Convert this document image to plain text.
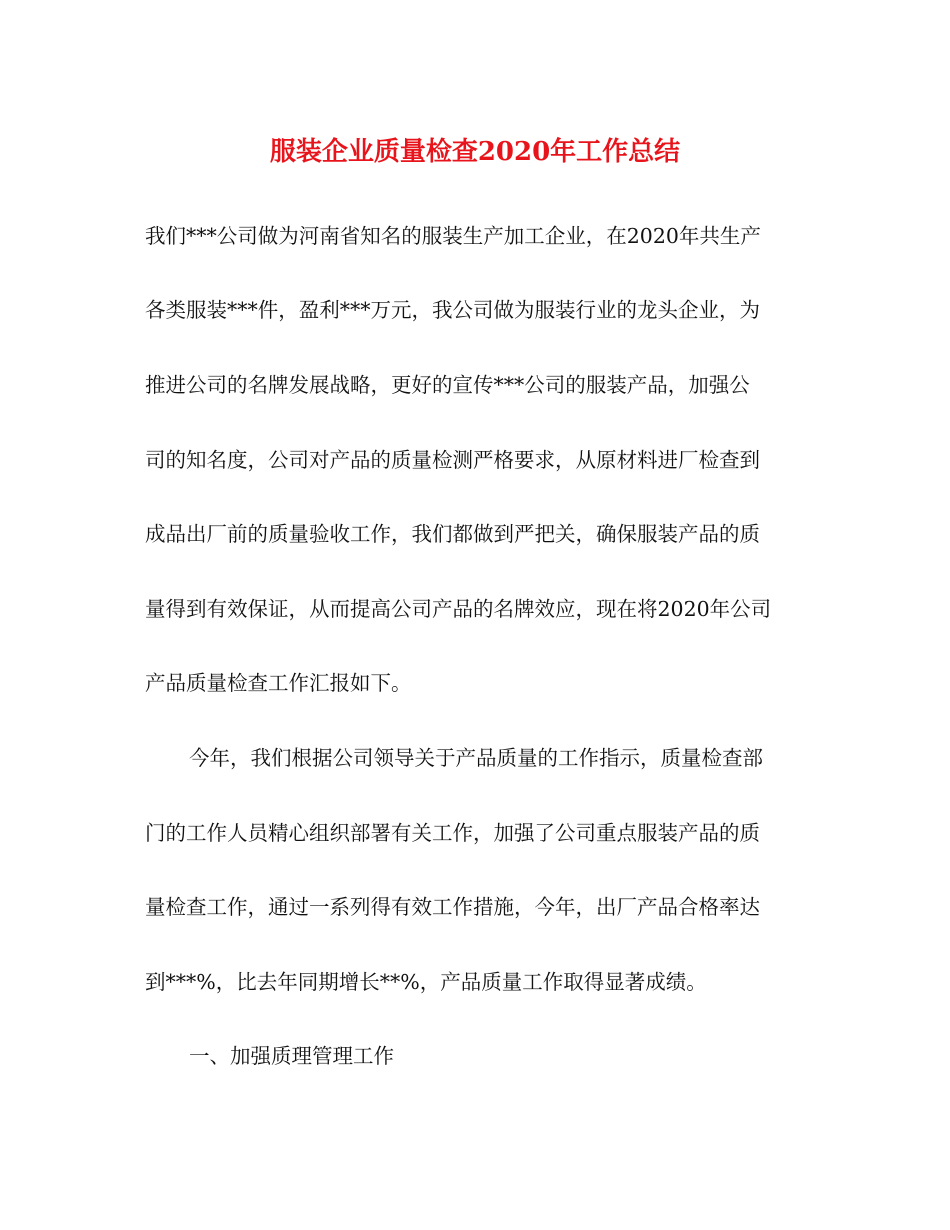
服装企业质量检查2020年工作总结
我们***公司做为河南省知名的服装生产加工企业，在2020年共生产
各类服装***件，盈利***万元，我公司做为服装行业的龙头企业，为
推进公司的名牌发展战略，更好的宣传***公司的服装产品，加强公
司的知名度，公司对产品的质量检测严格要求，从原材料进厂检查到
成品出厂前的质量验收工作，我们都做到严把关，确保服装产品的质
量得到有效保证，从而提高公司产品的名牌效应，现在将2020年公司
产品质量检查工作汇报如下。
今年，我们根据公司领导关于产品质量的工作指示，质量检查部
门的工作人员精心组织部署有关工作，加强了公司重点服装产品的质
量检查工作，通过一系列得有效工作措施，今年，出厂产品合格率达
到***%，比去年同期增长**%，产品质量工作取得显著成绩。
一、加强质理管理工作
